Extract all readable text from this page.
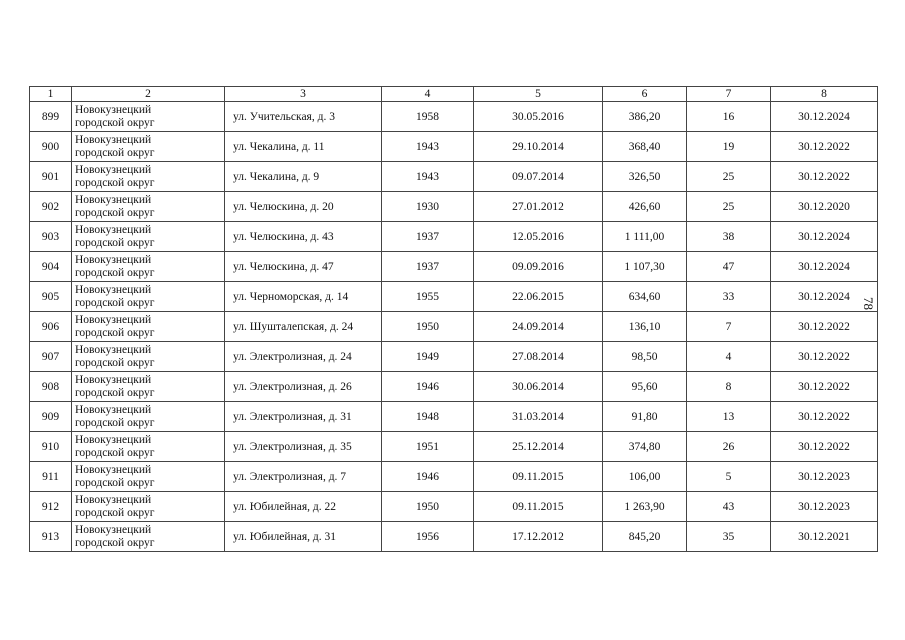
1	2	3	4	5	6	7	8
899	Новокузнецкий
городской округ	ул. Учительская, д. 3	1958	30.05.2016	386,20	16	30.12.2024
900	Новокузнецкий
городской округ	ул. Чекалина, д. 11	1943	29.10.2014	368,40	19	30.12.2022
901	Новокузнецкий
городской округ	ул. Чекалина, д. 9	1943	09.07.2014	326,50	25	30.12.2022
902	Новокузнецкий
городской округ	ул. Челюскина, д. 20	1930	27.01.2012	426,60	25	30.12.2020
903	Новокузнецкий
городской округ	ул. Челюскина, д. 43	1937	12.05.2016	1 111,00	38	30.12.2024
904	Новокузнецкий
городской округ	ул. Челюскина, д. 47	1937	09.09.2016	1 107,30	47	30.12.2024
905	Новокузнецкий
городской округ	ул. Черноморская, д. 14	1955	22.06.2015	634,60	33	30.12.2024
906	Новокузнецкий
городской округ	ул. Шушталепская, д. 24	1950	24.09.2014	136,10	7	30.12.2022
907	Новокузнецкий
городской округ	ул. Электролизная, д. 24	1949	27.08.2014	98,50	4	30.12.2022
908	Новокузнецкий
городской округ	ул. Электролизная, д. 26	1946	30.06.2014	95,60	8	30.12.2022
909	Новокузнецкий
городской округ	ул. Электролизная, д. 31	1948	31.03.2014	91,80	13	30.12.2022
910	Новокузнецкий
городской округ	ул. Электролизная, д. 35	1951	25.12.2014	374,80	26	30.12.2022
911	Новокузнецкий
городской округ	ул. Электролизная, д. 7	1946	09.11.2015	106,00	5	30.12.2023
912	Новокузнецкий
городской округ	ул. Юбилейная, д. 22	1950	09.11.2015	1 263,90	43	30.12.2023
913	Новокузнецкий
городской округ	ул. Юбилейная, д. 31	1956	17.12.2012	845,20	35	30.12.2021
78
